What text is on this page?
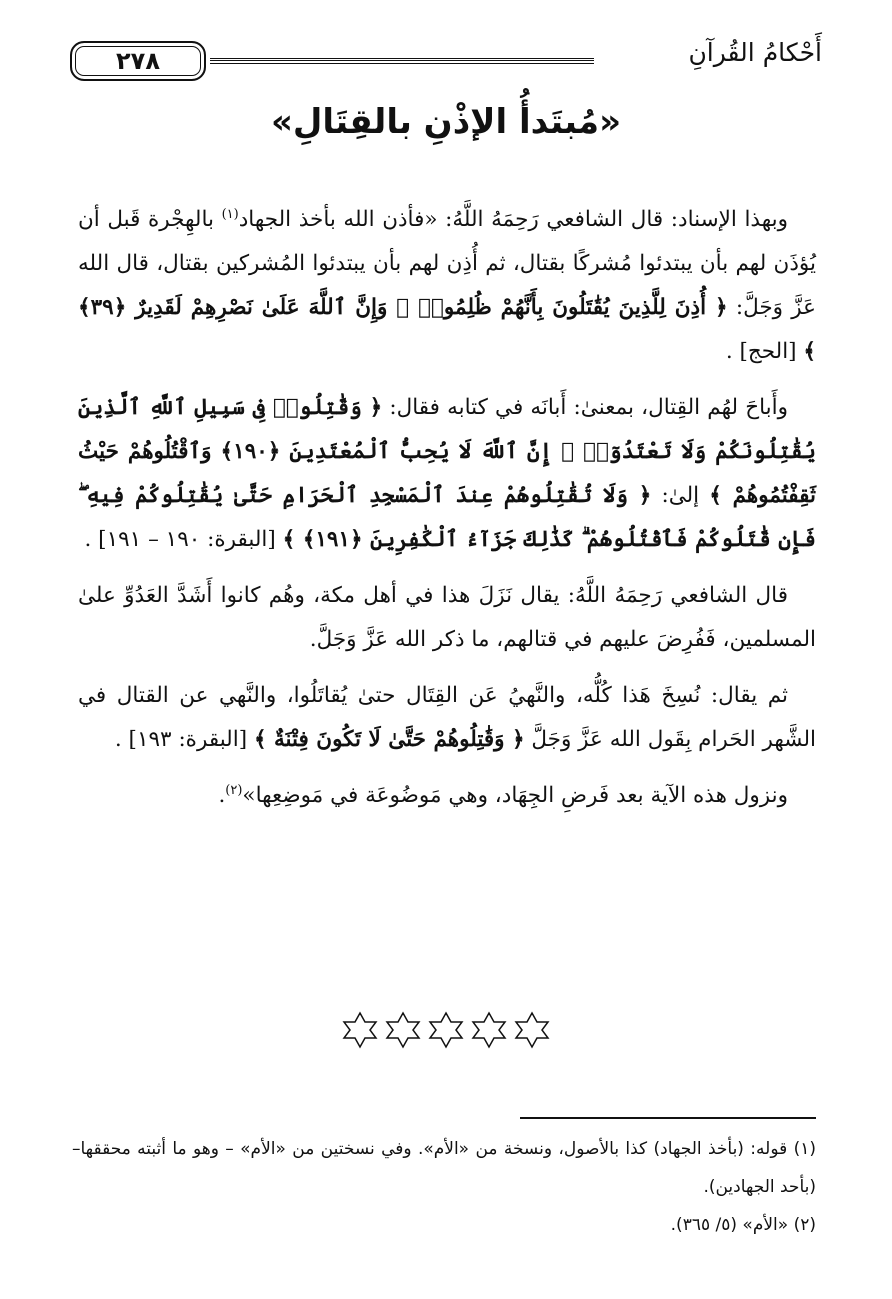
أَحْكامُ القُرآنِ
٢٧٨
«مُبتَدأُ الإذْنِ بالقِتَالِ»

وبهذا الإسناد: قال الشافعي رَحِمَهُ اللَّهُ: «فأذن الله بأخذ الجهاد$^{(١)}$ بالهِجْرة قَبل أن يُؤذَن لهم بأن يبتدئوا مُشركًا بقتال، ثم أُذِن لهم بأن يبتدئوا المُشركين بقتال، قال الله عَزَّ وَجَلَّ: ﴿ أُذِنَ لِلَّذِينَ يُقَٰتَلُونَ بِأَنَّهُمْ ظُلِمُوا۟ ۚ وَإِنَّ ٱللَّهَ عَلَىٰ نَصْرِهِمْ لَقَدِيرٌ ﴿٣٩﴾ ﴾ [الحج] .

وأَباحَ لهُم القِتال، بمعنىٰ: أَبانَه في كتابه فقال: ﴿ وَقَٰتِلُوا۟ فِى سَبِيلِ ٱللَّهِ ٱلَّذِينَ يُقَٰتِلُونَكُمْ وَلَا تَعْتَدُوٓا۟ ۚ إِنَّ ٱللَّهَ لَا يُحِبُّ ٱلْمُعْتَدِينَ ﴿١٩٠﴾ وَٱقْتُلُوهُمْ حَيْثُ ثَقِفْتُمُوهُمْ ﴾ إلىٰ: ﴿ وَلَا تُقَٰتِلُوهُمْ عِندَ ٱلْمَسْجِدِ ٱلْحَرَامِ حَتَّىٰ يُقَٰتِلُوكُمْ فِيهِ ۖ فَإِن قَٰتَلُوكُمْ فَٱقْتُلُوهُمْ ۗ كَذَٰلِكَ جَزَآءُ ٱلْكَٰفِرِينَ ﴿١٩١﴾ ﴾ [البقرة: ١٩٠ – ١٩١] .

قال الشافعي رَحِمَهُ اللَّهُ: يقال نَزَلَ هذا في أهل مكة، وهُم كانوا أَشَدَّ العَدُوِّ علىٰ المسلمين، فَفُرِضَ عليهم في قتالهم، ما ذكر الله عَزَّ وَجَلَّ.

ثم يقال: نُسِخَ هَذا كُلُّه، والنَّهيُ عَن القِتَال حتىٰ يُقاتَلُوا، والنَّهي عن القتال في الشَّهر الحَرام بِقَول الله عَزَّ وَجَلَّ ﴿ وَقَٰتِلُوهُمْ حَتَّىٰ لَا تَكُونَ فِتْنَةٌ ﴾ [البقرة: ١٩٣] .

ونزول هذه الآية بعد فَرضِ الجِهَاد، وهي مَوضُوعَة في مَوضِعِها»$^{(٢)}$.

(١) قوله: (بأخذ الجهاد) كذا بالأصول، ونسخة من «الأم». وفي نسختين من «الأم» – وهو ما أثبته محققها– (بأحد الجهادين).

(٢) «الأم» (٥/ ٣٦٥).
